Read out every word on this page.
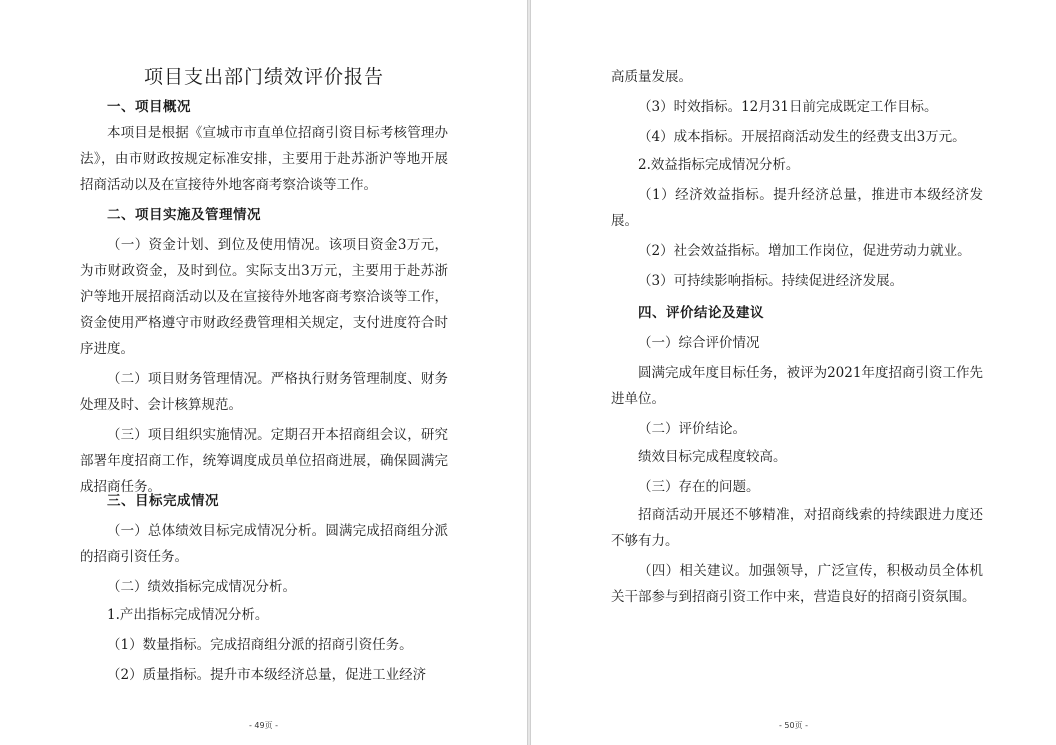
项目支出部门绩效评价报告

一、项目概况

本项目是根据《宣城市市直单位招商引资目标考核管理办法》，由市财政按规定标准安排，主要用于赴苏浙沪等地开展招商活动以及在宣接待外地客商考察洽谈等工作。

二、项目实施及管理情况

（一）资金计划、到位及使用情况。该项目资金3万元，为市财政资金，及时到位。实际支出3万元，主要用于赴苏浙沪等地开展招商活动以及在宣接待外地客商考察洽谈等工作，资金使用严格遵守市财政经费管理相关规定，支付进度符合时序进度。

（二）项目财务管理情况。严格执行财务管理制度、财务处理及时、会计核算规范。

（三）项目组织实施情况。定期召开本招商组会议，研究部署年度招商工作，统筹调度成员单位招商进展，确保圆满完成招商任务。

三、目标完成情况

（一）总体绩效目标完成情况分析。圆满完成招商组分派的招商引资任务。

（二）绩效指标完成情况分析。

1.产出指标完成情况分析。

（1）数量指标。完成招商组分派的招商引资任务。

（2）质量指标。提升市本级经济总量，促进工业经济

- 49页 -

高质量发展。

（3）时效指标。12月31日前完成既定工作目标。

（4）成本指标。开展招商活动发生的经费支出3万元。

2.效益指标完成情况分析。

（1）经济效益指标。提升经济总量，推进市本级经济发展。

（2）社会效益指标。增加工作岗位，促进劳动力就业。

（3）可持续影响指标。持续促进经济发展。

四、评价结论及建议

（一）综合评价情况

圆满完成年度目标任务，被评为2021年度招商引资工作先进单位。

（二）评价结论。

绩效目标完成程度较高。

（三）存在的问题。

招商活动开展还不够精准，对招商线索的持续跟进力度还不够有力。

（四）相关建议。加强领导，广泛宣传，积极动员全体机关干部参与到招商引资工作中来，营造良好的招商引资氛围。

- 50页 -
